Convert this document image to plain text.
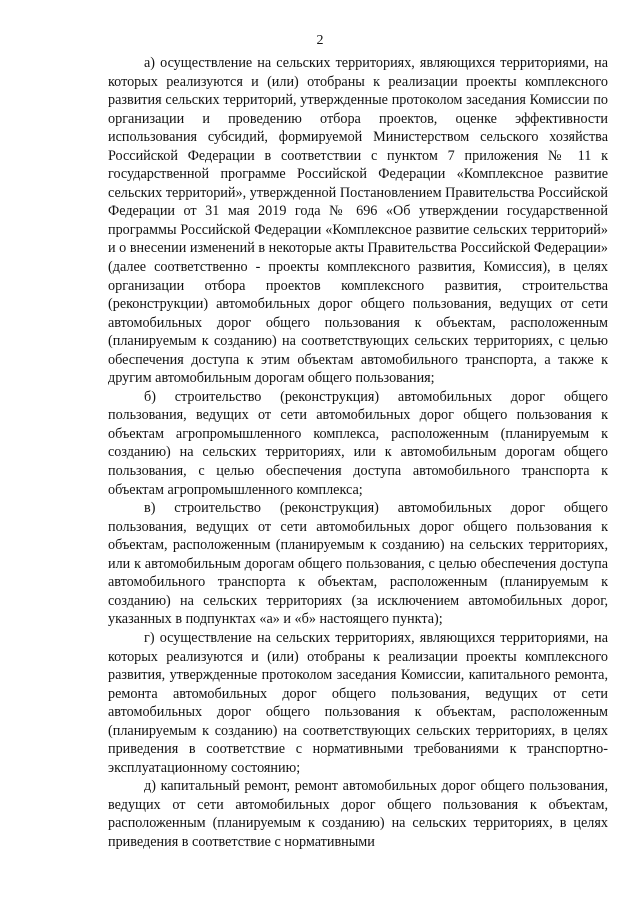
2

а) осуществление на сельских территориях, являющихся территориями, на которых реализуются и (или) отобраны к реализации проекты комплексного развития сельских территорий, утвержденные протоколом заседания Комиссии по организации и проведению отбора проектов, оценке эффективности использования субсидий, формируемой Министерством сельского хозяйства Российской Федерации в соответствии с пунктом 7 приложения № 11 к государственной программе Российской Федерации «Комплексное развитие сельских территорий», утвержденной Постановлением Правительства Российской Федерации от 31 мая 2019 года № 696 «Об утверждении государственной программы Российской Федерации «Комплексное развитие сельских территорий» и о внесении изменений в некоторые акты Правительства Российской Федерации» (далее соответственно - проекты комплексного развития, Комиссия), в целях организации отбора проектов комплексного развития, строительства (реконструкции) автомобильных дорог общего пользования, ведущих от сети автомобильных дорог общего пользования к объектам, расположенным (планируемым к созданию) на соответствующих сельских территориях, с целью обеспечения доступа к этим объектам автомобильного транспорта, а также к другим автомобильным дорогам общего пользования;

б) строительство (реконструкция) автомобильных дорог общего пользования, ведущих от сети автомобильных дорог общего пользования к объектам агропромышленного комплекса, расположенным (планируемым к созданию) на сельских территориях, или к автомобильным дорогам общего пользования, с целью обеспечения доступа автомобильного транспорта к объектам агропромышленного комплекса;

в) строительство (реконструкция) автомобильных дорог общего пользования, ведущих от сети автомобильных дорог общего пользования к объектам, расположенным (планируемым к созданию) на сельских территориях, или к автомобильным дорогам общего пользования, с целью обеспечения доступа автомобильного транспорта к объектам, расположенным (планируемым к созданию) на сельских территориях (за исключением автомобильных дорог, указанных в подпунктах «а» и «б» настоящего пункта);

г) осуществление на сельских территориях, являющихся территориями, на которых реализуются и (или) отобраны к реализации проекты комплексного развития, утвержденные протоколом заседания Комиссии, капитального ремонта, ремонта автомобильных дорог общего пользования, ведущих от сети автомобильных дорог общего пользования к объектам, расположенным (планируемым к созданию) на соответствующих сельских территориях, в целях приведения в соответствие с нормативными требованиями к транспортно-эксплуатационному состоянию;

д) капитальный ремонт, ремонт автомобильных дорог общего пользования, ведущих от сети автомобильных дорог общего пользования к объектам, расположенным (планируемым к созданию) на сельских территориях, в целях приведения в соответствие с нормативными
